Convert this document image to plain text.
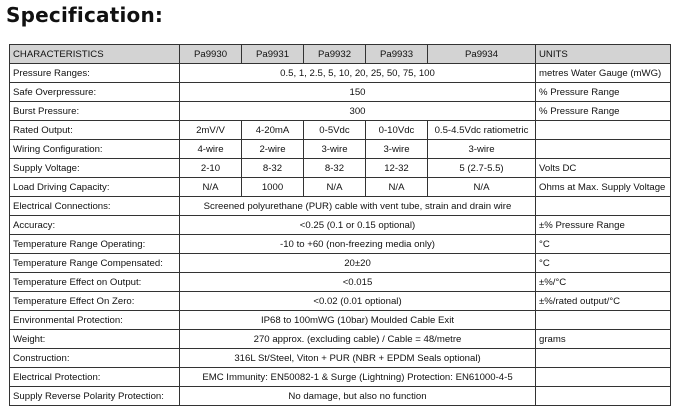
Specification:
CHARACTERISTICS	Pa9930	Pa9931	Pa9932	Pa9933	Pa9934	UNITS
Pressure Ranges:	0.5, 1, 2.5, 5, 10, 20, 25, 50, 75, 100					metres Water Gauge (mWG)
Safe Overpressure:	150					% Pressure Range
Burst Pressure:	300					% Pressure Range
Rated Output:	2mV/V	4-20mA	0-5Vdc	0-10Vdc	0.5-4.5Vdc ratiometric	
Wiring Configuration:	4-wire	2-wire	3-wire	3-wire	3-wire	
Supply Voltage:	2-10	8-32	8-32	12-32	5 (2.7-5.5)	Volts DC
Load Driving Capacity:	N/A	1000	N/A	N/A	N/A	Ohms at Max. Supply Voltage
Electrical Connections:	Screened polyurethane (PUR) cable with vent tube, strain and drain wire					
Accuracy:	<0.25 (0.1 or 0.15 optional)					±% Pressure Range
Temperature Range Operating:	-10 to +60 (non-freezing media only)					°C
Temperature Range Compensated:	20±20					°C
Temperature Effect on Output:	<0.015					±%/°C
Temperature Effect On Zero:	<0.02 (0.01 optional)					±%/rated output/°C
Environmental Protection:	IP68 to 100mWG (10bar) Moulded Cable Exit					
Weight:	270 approx. (excluding cable) / Cable = 48/metre					grams
Construction:	316L St/Steel, Viton + PUR (NBR + EPDM Seals optional)					
Electrical Protection:	EMC Immunity: EN50082-1 & Surge (Lightning) Protection: EN61000-4-5					
Supply Reverse Polarity Protection:	No damage, but also no function					
